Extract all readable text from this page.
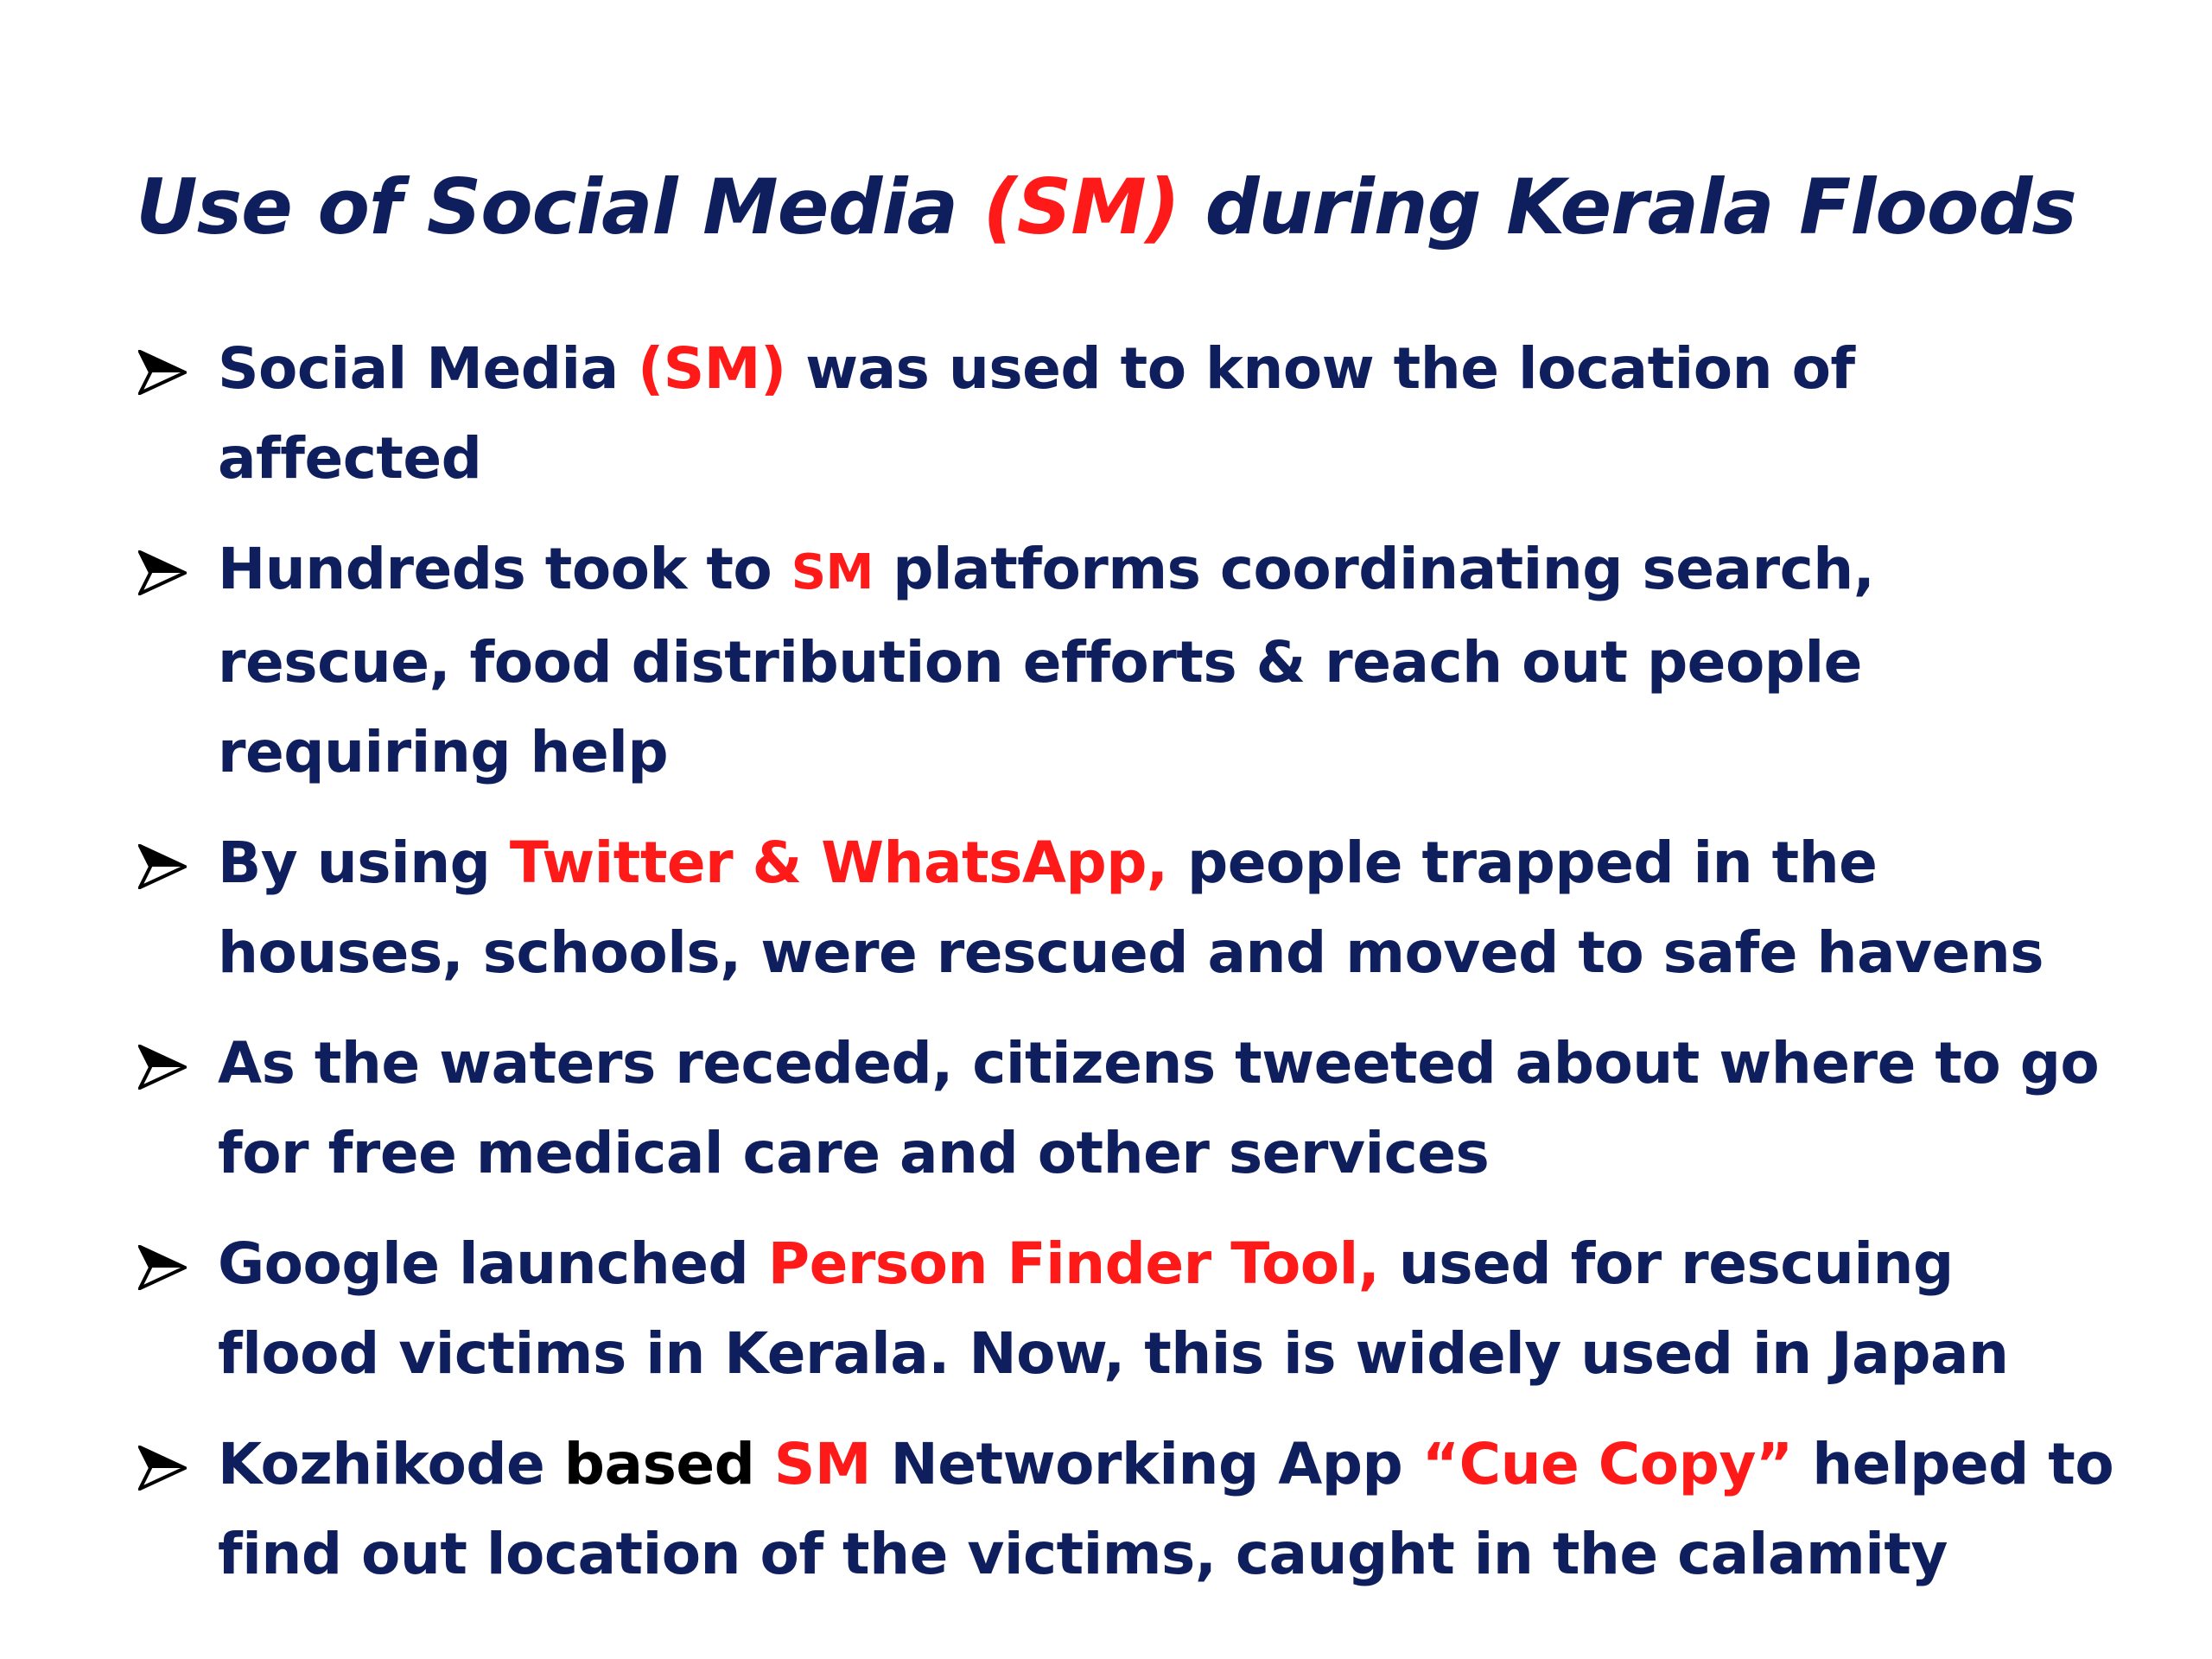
Use of Social Media (SM) during Kerala Floods
Social Media (SM) was used to know the location of affected
Hundreds took to SM platforms coordinating search, rescue, food distribution efforts & reach out people requiring help
By using Twitter & WhatsApp, people trapped in the houses, schools, were rescued and moved to safe havens
As the waters receded, citizens tweeted about where to go for free medical care and other services
Google launched Person Finder Tool, used for rescuing flood victims in Kerala. Now, this is widely used in Japan
Kozhikode based SM Networking App “Cue Copy” helped to find out location of the victims, caught in the calamity
